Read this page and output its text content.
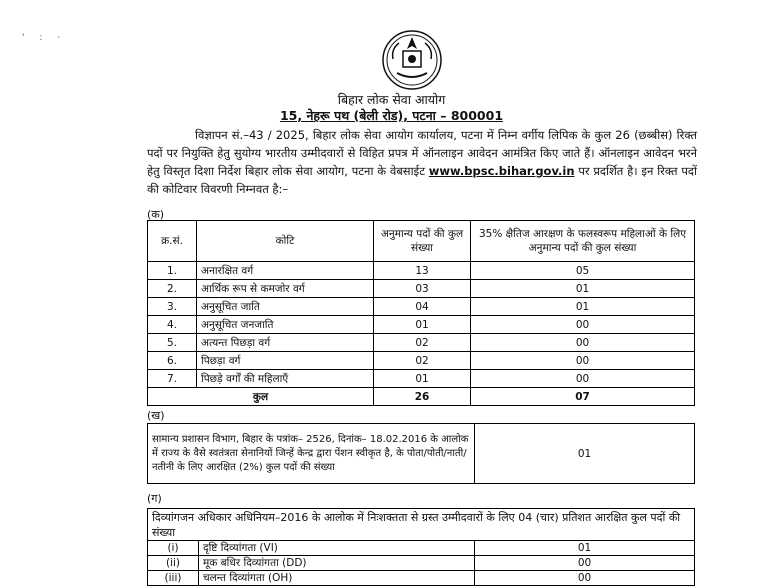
' : ·
बिहार लोक सेवा आयोग
15, नेहरू पथ (बेली रोड), पटना – 800001
विज्ञापन सं.–43 / 2025, बिहार लोक सेवा आयोग कार्यालय, पटना में निम्न वर्गीय लिपिक के कुल 26 (छब्बीस) रिक्त पदों पर नियुक्ति हेतु सुयोग्य भारतीय उम्मीदवारों से विहित प्रपत्र में ऑनलाइन आवेदन आमंत्रित किए जाते हैं। ऑनलाइन आवेदन भरने हेतु विस्तृत दिशा निर्देश बिहार लोक सेवा आयोग, पटना के वेबसाईट www.bpsc.bihar.gov.in पर प्रदर्शित है। इन रिक्त पदों की कोटिवार विवरणी निम्नवत है:–
(क)
क्र.सं.	कोटि	अनुमान्य पदों की कुल संख्या	35% क्षैतिज आरक्षण के फलस्वरूप महिलाओं के लिए अनुमान्य पदों की कुल संख्या
1.	अनारक्षित वर्ग	13	05
2.	आर्थिक रूप से कमजोर वर्ग	03	01
3.	अनुसूचित जाति	04	01
4.	अनुसूचित जनजाति	01	00
5.	अत्यन्त पिछड़ा वर्ग	02	00
6.	पिछड़ा वर्ग	02	00
7.	पिछड़े वर्गों की महिलाएँ	01	00
कुल		26	07
(ख)
सामान्य प्रशासन विभाग, बिहार के पत्रांक– 2526, दिनांक– 18.02.2016 के आलोक में राज्य के वैसे स्वतंत्रता सेनानियों जिन्हें केन्द्र द्वारा पेंशन स्वीकृत है, के पोता/पोती/नाती/ नतीनी के लिए आरक्षित (2%) कुल पदों की संख्या	01
(ग)
दिव्यांगजन अधिकार अधिनियम–2016 के आलोक में निःशक्तता से ग्रस्त उम्मीदवारों के लिए 04 (चार) प्रतिशत आरक्षित कुल पदों की संख्या		
(i)	दृष्टि दिव्यांगता (VI)	01
(ii)	मूक बधिर दिव्यांगता (DD)	00
(iii)	चलन्त दिव्यांगता (OH)	00
